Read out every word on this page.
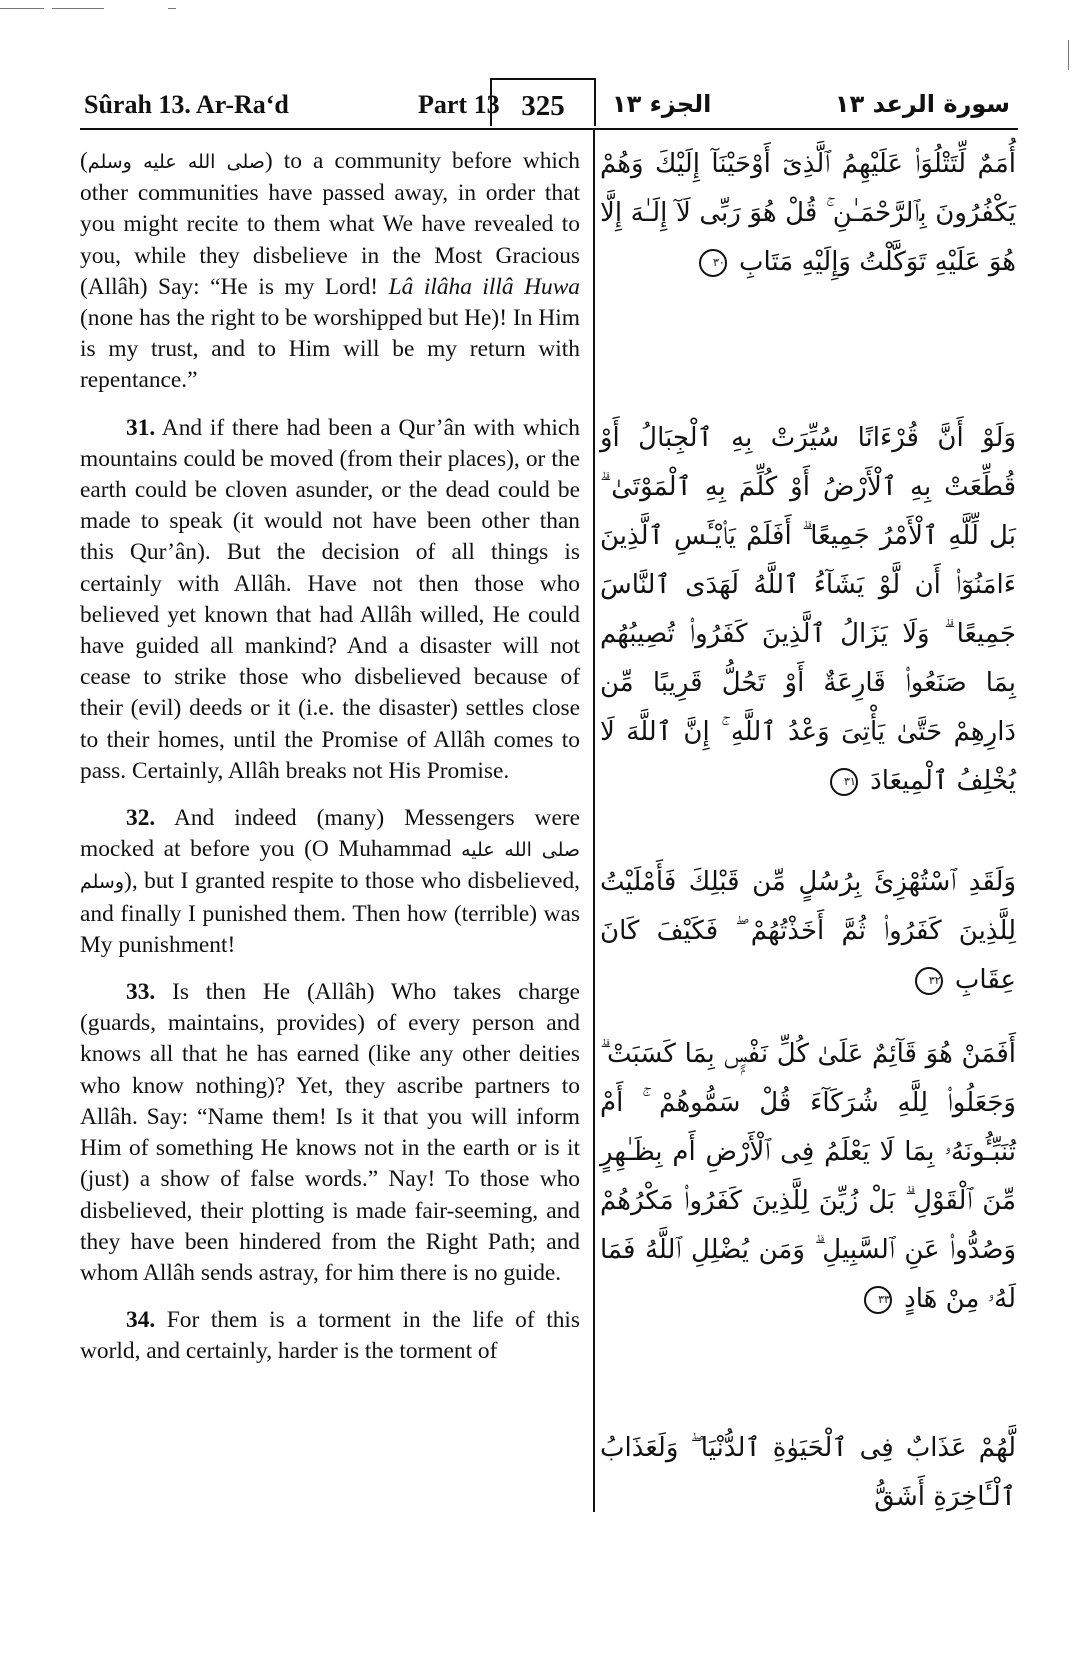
Sûrah 13. Ar-Ra‘d	Part 13 325	الجزء ١٣	سورة الرعد ١٣

(صلى الله عليه وسلم) to a community before which other communities have passed away, in order that you might recite to them what We have revealed to you, while they disbelieve in the Most Gracious (Allâh) Say: “He is my Lord! Lâ ilâha illâ Huwa (none has the right to be worshipped but He)! In Him is my trust, and to Him will be my return with repentance.”

31. And if there had been a Qur’ân with which mountains could be moved (from their places), or the earth could be cloven asunder, or the dead could be made to speak (it would not have been other than this Qur’ân). But the decision of all things is certainly with Allâh. Have not then those who believed yet known that had Allâh willed, He could have guided all mankind? And a disaster will not cease to strike those who disbelieved because of their (evil) deeds or it (i.e. the disaster) settles close to their homes, until the Promise of Allâh comes to pass. Certainly, Allâh breaks not His Promise.

32. And indeed (many) Messengers were mocked at before you (O Muhammad صلى الله عليه وسلم), but I granted respite to those who disbelieved, and finally I punished them. Then how (terrible) was My punishment!

33. Is then He (Allâh) Who takes charge (guards, maintains, provides) of every person and knows all that he has earned (like any other deities who know nothing)? Yet, they ascribe partners to Allâh. Say: “Name them! Is it that you will inform Him of something He knows not in the earth or is it (just) a show of false words.” Nay! To those who disbelieved, their plotting is made fair-seeming, and they have been hindered from the Right Path; and whom Allâh sends astray, for him there is no guide.

34. For them is a torment in the life of this world, and certainly, harder is the torment of

أُمَمٌ لِّتَتْلُوَا۟ عَلَيْهِمُ ٱلَّذِىٓ أَوْحَيْنَآ إِلَيْكَ وَهُمْ يَكْفُرُونَ بِٱلرَّحْمَـٰنِ ۚ قُلْ هُوَ رَبِّى لَآ إِلَـٰهَ إِلَّا هُوَ عَلَيْهِ تَوَكَّلْتُ وَإِلَيْهِ مَتَابِ ٣٠
وَلَوْ أَنَّ قُرْءَانًا سُيِّرَتْ بِهِ ٱلْجِبَالُ أَوْ قُطِّعَتْ بِهِ ٱلْأَرْضُ أَوْ كُلِّمَ بِهِ ٱلْمَوْتَىٰ ۗ بَل لِّلَّهِ ٱلْأَمْرُ جَمِيعًا ۗ أَفَلَمْ يَا۟يْـَٔسِ ٱلَّذِينَ ءَامَنُوٓا۟ أَن لَّوْ يَشَآءُ ٱللَّهُ لَهَدَى ٱلنَّاسَ جَمِيعًا ۗ وَلَا يَزَالُ ٱلَّذِينَ كَفَرُوا۟ تُصِيبُهُم بِمَا صَنَعُوا۟ قَارِعَةٌ أَوْ تَحُلُّ قَرِيبًا مِّن دَارِهِمْ حَتَّىٰ يَأْتِىَ وَعْدُ ٱللَّهِ ۚ إِنَّ ٱللَّهَ لَا يُخْلِفُ ٱلْمِيعَادَ ٣١
وَلَقَدِ ٱسْتُهْزِئَ بِرُسُلٍ مِّن قَبْلِكَ فَأَمْلَيْتُ لِلَّذِينَ كَفَرُوا۟ ثُمَّ أَخَذْتُهُمْ ۖ فَكَيْفَ كَانَ عِقَابِ ٣٢
أَفَمَنْ هُوَ قَآئِمٌ عَلَىٰ كُلِّ نَفْسٍۭ بِمَا كَسَبَتْ ۗ وَجَعَلُوا۟ لِلَّهِ شُرَكَآءَ قُلْ سَمُّوهُمْ ۚ أَمْ تُنَبِّـُٔونَهُۥ بِمَا لَا يَعْلَمُ فِى ٱلْأَرْضِ أَم بِظَـٰهِرٍ مِّنَ ٱلْقَوْلِ ۗ بَلْ زُيِّنَ لِلَّذِينَ كَفَرُوا۟ مَكْرُهُمْ وَصُدُّوا۟ عَنِ ٱلسَّبِيلِ ۗ وَمَن يُضْلِلِ ٱللَّهُ فَمَا لَهُۥ مِنْ هَادٍ ٣٣
لَّهُمْ عَذَابٌ فِى ٱلْحَيَوٰةِ ٱلدُّنْيَا ۖ وَلَعَذَابُ ٱلْـَٔاخِرَةِ أَشَقُّ
